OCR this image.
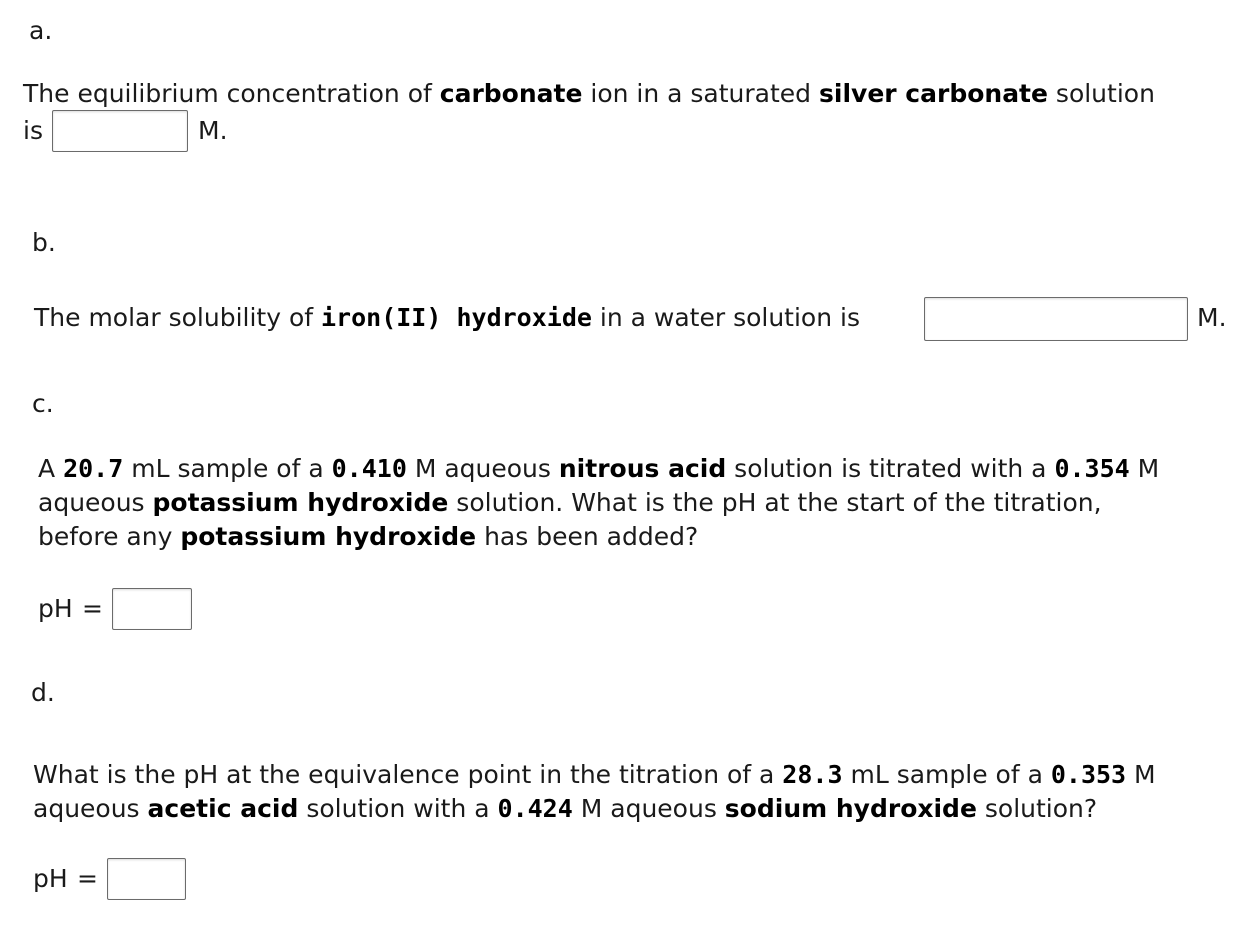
a.
The equilibrium concentration of carbonate ion in a saturated silver carbonate solution
is	M.
b.
The molar solubility of iron(II) hydroxide in a water solution is	M.
c.
A 20.7 mL sample of a 0.410 M aqueous nitrous acid solution is titrated with a 0.354 M
aqueous potassium hydroxide solution. What is the pH at the start of the titration,
before any potassium hydroxide has been added?
pH =
d.
What is the pH at the equivalence point in the titration of a 28.3 mL sample of a 0.353 M
aqueous acetic acid solution with a 0.424 M aqueous sodium hydroxide solution?
pH =
